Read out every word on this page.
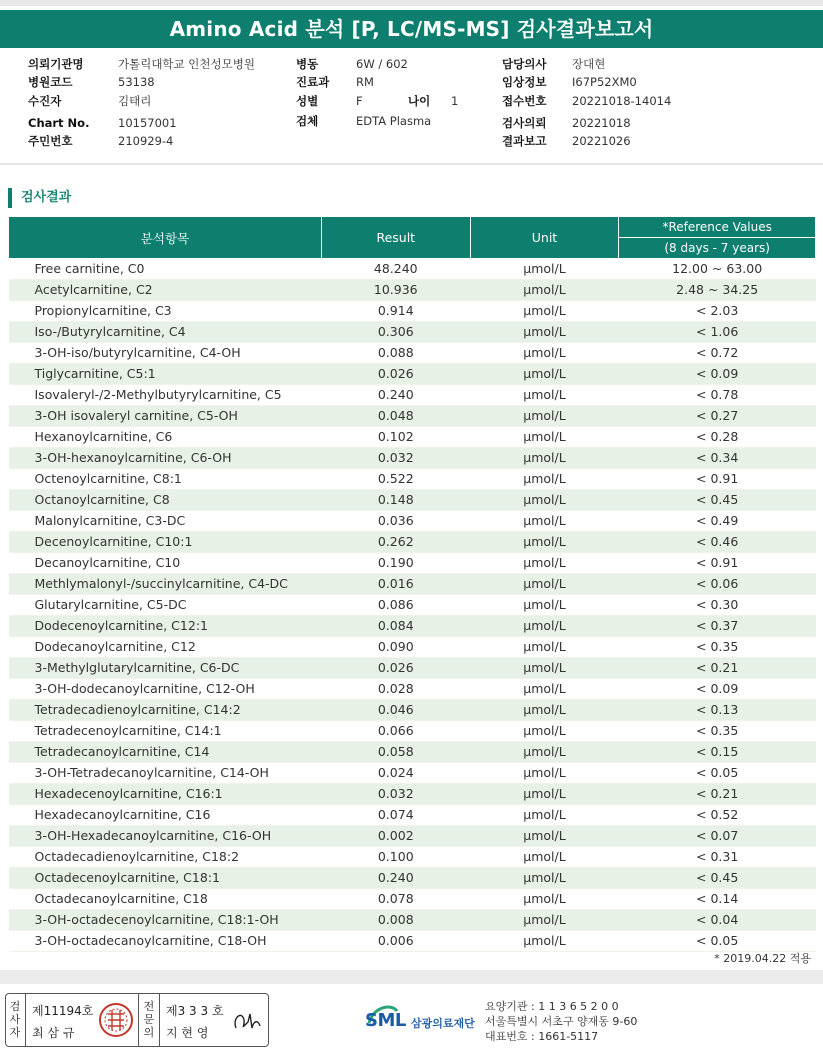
Amino Acid 분석 [P, LC/MS-MS] 검사결과보고서
의뢰기관명	가톨릭대학교 인천성모병원
병원코드	53138
수진자	김태리
Chart No. 10157001
주민번호	210929-4
병동	6W / 602
진료과 RM
성별	F	나이 1
검체	EDTA Plasma
담당의사 장대현
임상정보 I67P52XM0
접수번호 20221018-14014
검사의뢰 20221018
결과보고 20221026
검사결과
분석항목	Result	Unit	*Reference Values
			(8 days - 7 years)
Free carnitine, C0	48.240	μmol/L	12.00 ~ 63.00
Acetylcarnitine, C2	10.936	μmol/L	2.48 ~ 34.25
Propionylcarnitine, C3	0.914	μmol/L	< 2.03
Iso-/Butyrylcarnitine, C4	0.306	μmol/L	< 1.06
3-OH-iso/butyrylcarnitine, C4-OH	0.088	μmol/L	< 0.72
Tiglycarnitine, C5:1	0.026	μmol/L	< 0.09
Isovaleryl-/2-Methylbutyrylcarnitine, C5	0.240	μmol/L	< 0.78
3-OH isovaleryl carnitine, C5-OH	0.048	μmol/L	< 0.27
Hexanoylcarnitine, C6	0.102	μmol/L	< 0.28
3-OH-hexanoylcarnitine, C6-OH	0.032	μmol/L	< 0.34
Octenoylcarnitine, C8:1	0.522	μmol/L	< 0.91
Octanoylcarnitine, C8	0.148	μmol/L	< 0.45
Malonylcarnitine, C3-DC	0.036	μmol/L	< 0.49
Decenoylcarnitine, C10:1	0.262	μmol/L	< 0.46
Decanoylcarnitine, C10	0.190	μmol/L	< 0.91
Methlymalonyl-/succinylcarnitine, C4-DC	0.016	μmol/L	< 0.06
Glutarylcarnitine, C5-DC	0.086	μmol/L	< 0.30
Dodecenoylcarnitine, C12:1	0.084	μmol/L	< 0.37
Dodecanoylcarnitine, C12	0.090	μmol/L	< 0.35
3-Methylglutarylcarnitine, C6-DC	0.026	μmol/L	< 0.21
3-OH-dodecanoylcarnitine, C12-OH	0.028	μmol/L	< 0.09
Tetradecadienoylcarnitine, C14:2	0.046	μmol/L	< 0.13
Tetradecenoylcarnitine, C14:1	0.066	μmol/L	< 0.35
Tetradecanoylcarnitine, C14	0.058	μmol/L	< 0.15
3-OH-Tetradecanoylcarnitine, C14-OH	0.024	μmol/L	< 0.05
Hexadecenoylcarnitine, C16:1	0.032	μmol/L	< 0.21
Hexadecanoylcarnitine, C16	0.074	μmol/L	< 0.52
3-OH-Hexadecanoylcarnitine, C16-OH	0.002	μmol/L	< 0.07
Octadecadienoylcarnitine, C18:2	0.100	μmol/L	< 0.31
Octadecenoylcarnitine, C18:1	0.240	μmol/L	< 0.45
Octadecanoylcarnitine, C18	0.078	μmol/L	< 0.14
3-OH-octadecenoylcarnitine, C18:1-OH	0.008	μmol/L	< 0.04
3-OH-octadecanoylcarnitine, C18-OH	0.006	μmol/L	< 0.05
* 2019.04.22 적용
검
사
자
제11194호
최 삼 규
전
문
의
제3 3 3 호
지 현 영
SML 삼광의료재단
요양기관 : 1 1 3 6 5 2 0 0
서울특별시 서초구 양재동 9-60
대표번호 : 1661-5117
